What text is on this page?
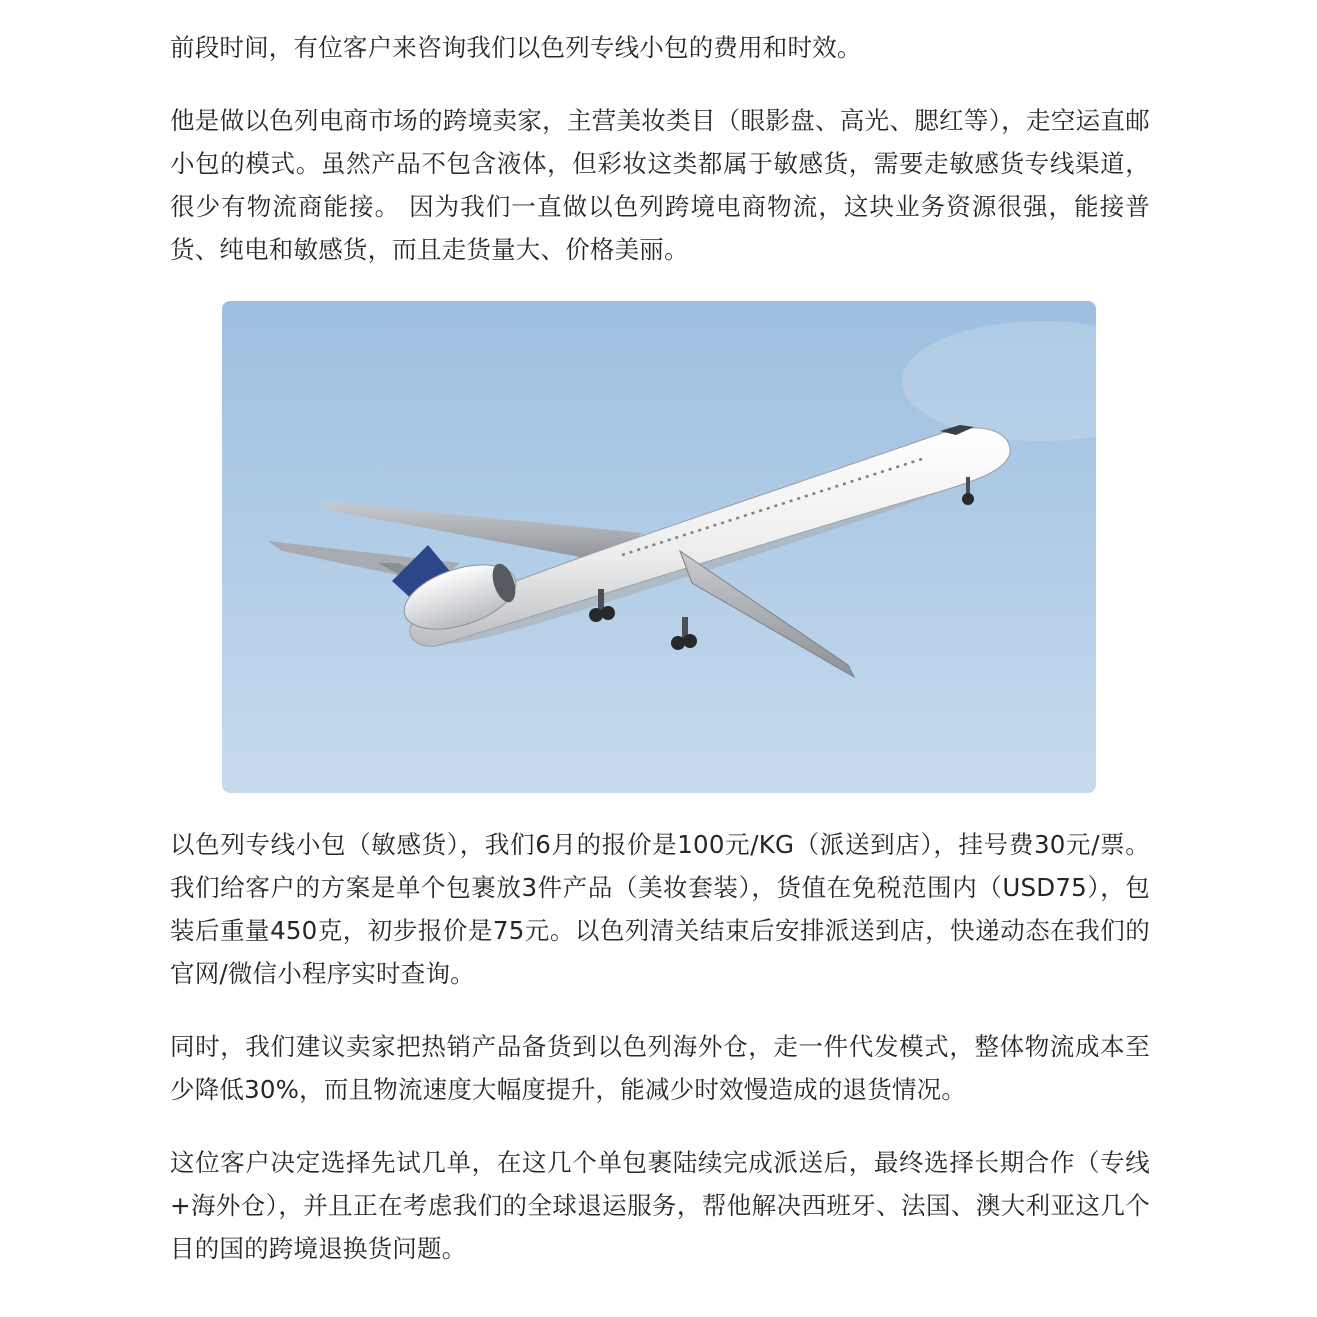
前段时间，有位客户来咨询我们以色列专线小包的费用和时效。

他是做以色列电商市场的跨境卖家，主营美妆类目（眼影盘、高光、腮红等），走空运直邮小包的模式。虽然产品不包含液体，但彩妆这类都属于敏感货，需要走敏感货专线渠道，很少有物流商能接。 因为我们一直做以色列跨境电商物流，这块业务资源很强，能接普货、纯电和敏感货，而且走货量大、价格美丽。

以色列专线小包（敏感货），我们6月的报价是100元/KG（派送到店），挂号费30元/票。我们给客户的方案是单个包裹放3件产品（美妆套装），货值在免税范围内（USD75），包装后重量450克，初步报价是75元。以色列清关结束后安排派送到店，快递动态在我们的官网/微信小程序实时查询。

同时，我们建议卖家把热销产品备货到以色列海外仓，走一件代发模式，整体物流成本至少降低30%，而且物流速度大幅度提升，能减少时效慢造成的退货情况。

这位客户决定选择先试几单，在这几个单包裹陆续完成派送后，最终选择长期合作（专线+海外仓），并且正在考虑我们的全球退运服务，帮他解决西班牙、法国、澳大利亚这几个目的国的跨境退换货问题。
